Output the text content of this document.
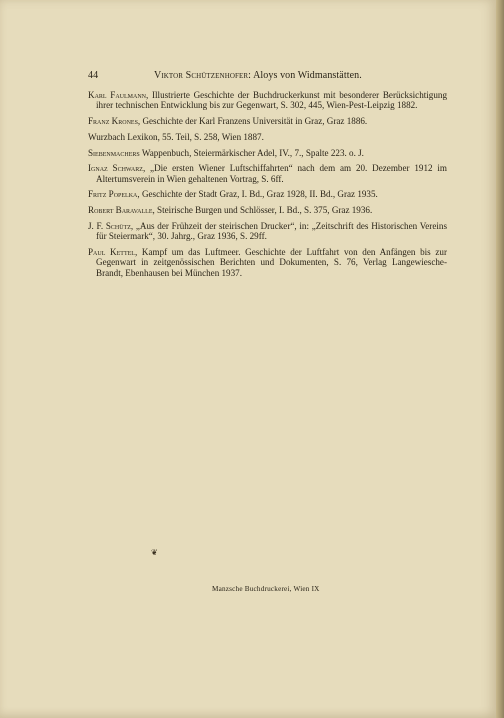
44	Viktor Schützenhofer: Aloys von Widmanstätten.

Karl Faulmann, Illustrierte Geschichte der Buchdruckerkunst mit besonderer Berücksichtigung ihrer technischen Entwicklung bis zur Gegenwart, S. 302, 445, Wien-Pest-Leipzig 1882.

Franz Krones, Geschichte der Karl Franzens Universität in Graz, Graz 1886.

Wurzbach Lexikon, 55. Teil, S. 258, Wien 1887.

Siebenmachers Wappenbuch, Steiermärkischer Adel, IV., 7., Spalte 223. o. J.

Ignaz Schwarz, „Die ersten Wiener Luftschiffahrten“ nach dem am 20. Dezember 1912 im Altertumsverein in Wien gehaltenen Vortrag, S. 6ff.

Fritz Popelka, Geschichte der Stadt Graz, I. Bd., Graz 1928, II. Bd., Graz 1935.

Robert Baravalle, Steirische Burgen und Schlösser, I. Bd., S. 375, Graz 1936.

J. F. Schütz, „Aus der Frühzeit der steirischen Drucker“, in: „Zeitschrift des Historischen Vereins für Steiermark“, 30. Jahrg., Graz 1936, S. 29ff.

Paul Kettel, Kampf um das Luftmeer. Geschichte der Luftfahrt von den Anfängen bis zur Gegenwart in zeitgenössischen Berichten und Dokumenten, S. 76, Verlag Langewiesche-Brandt, Ebenhausen bei München 1937.

❦
Manzsche Buchdruckerei, Wien IX
